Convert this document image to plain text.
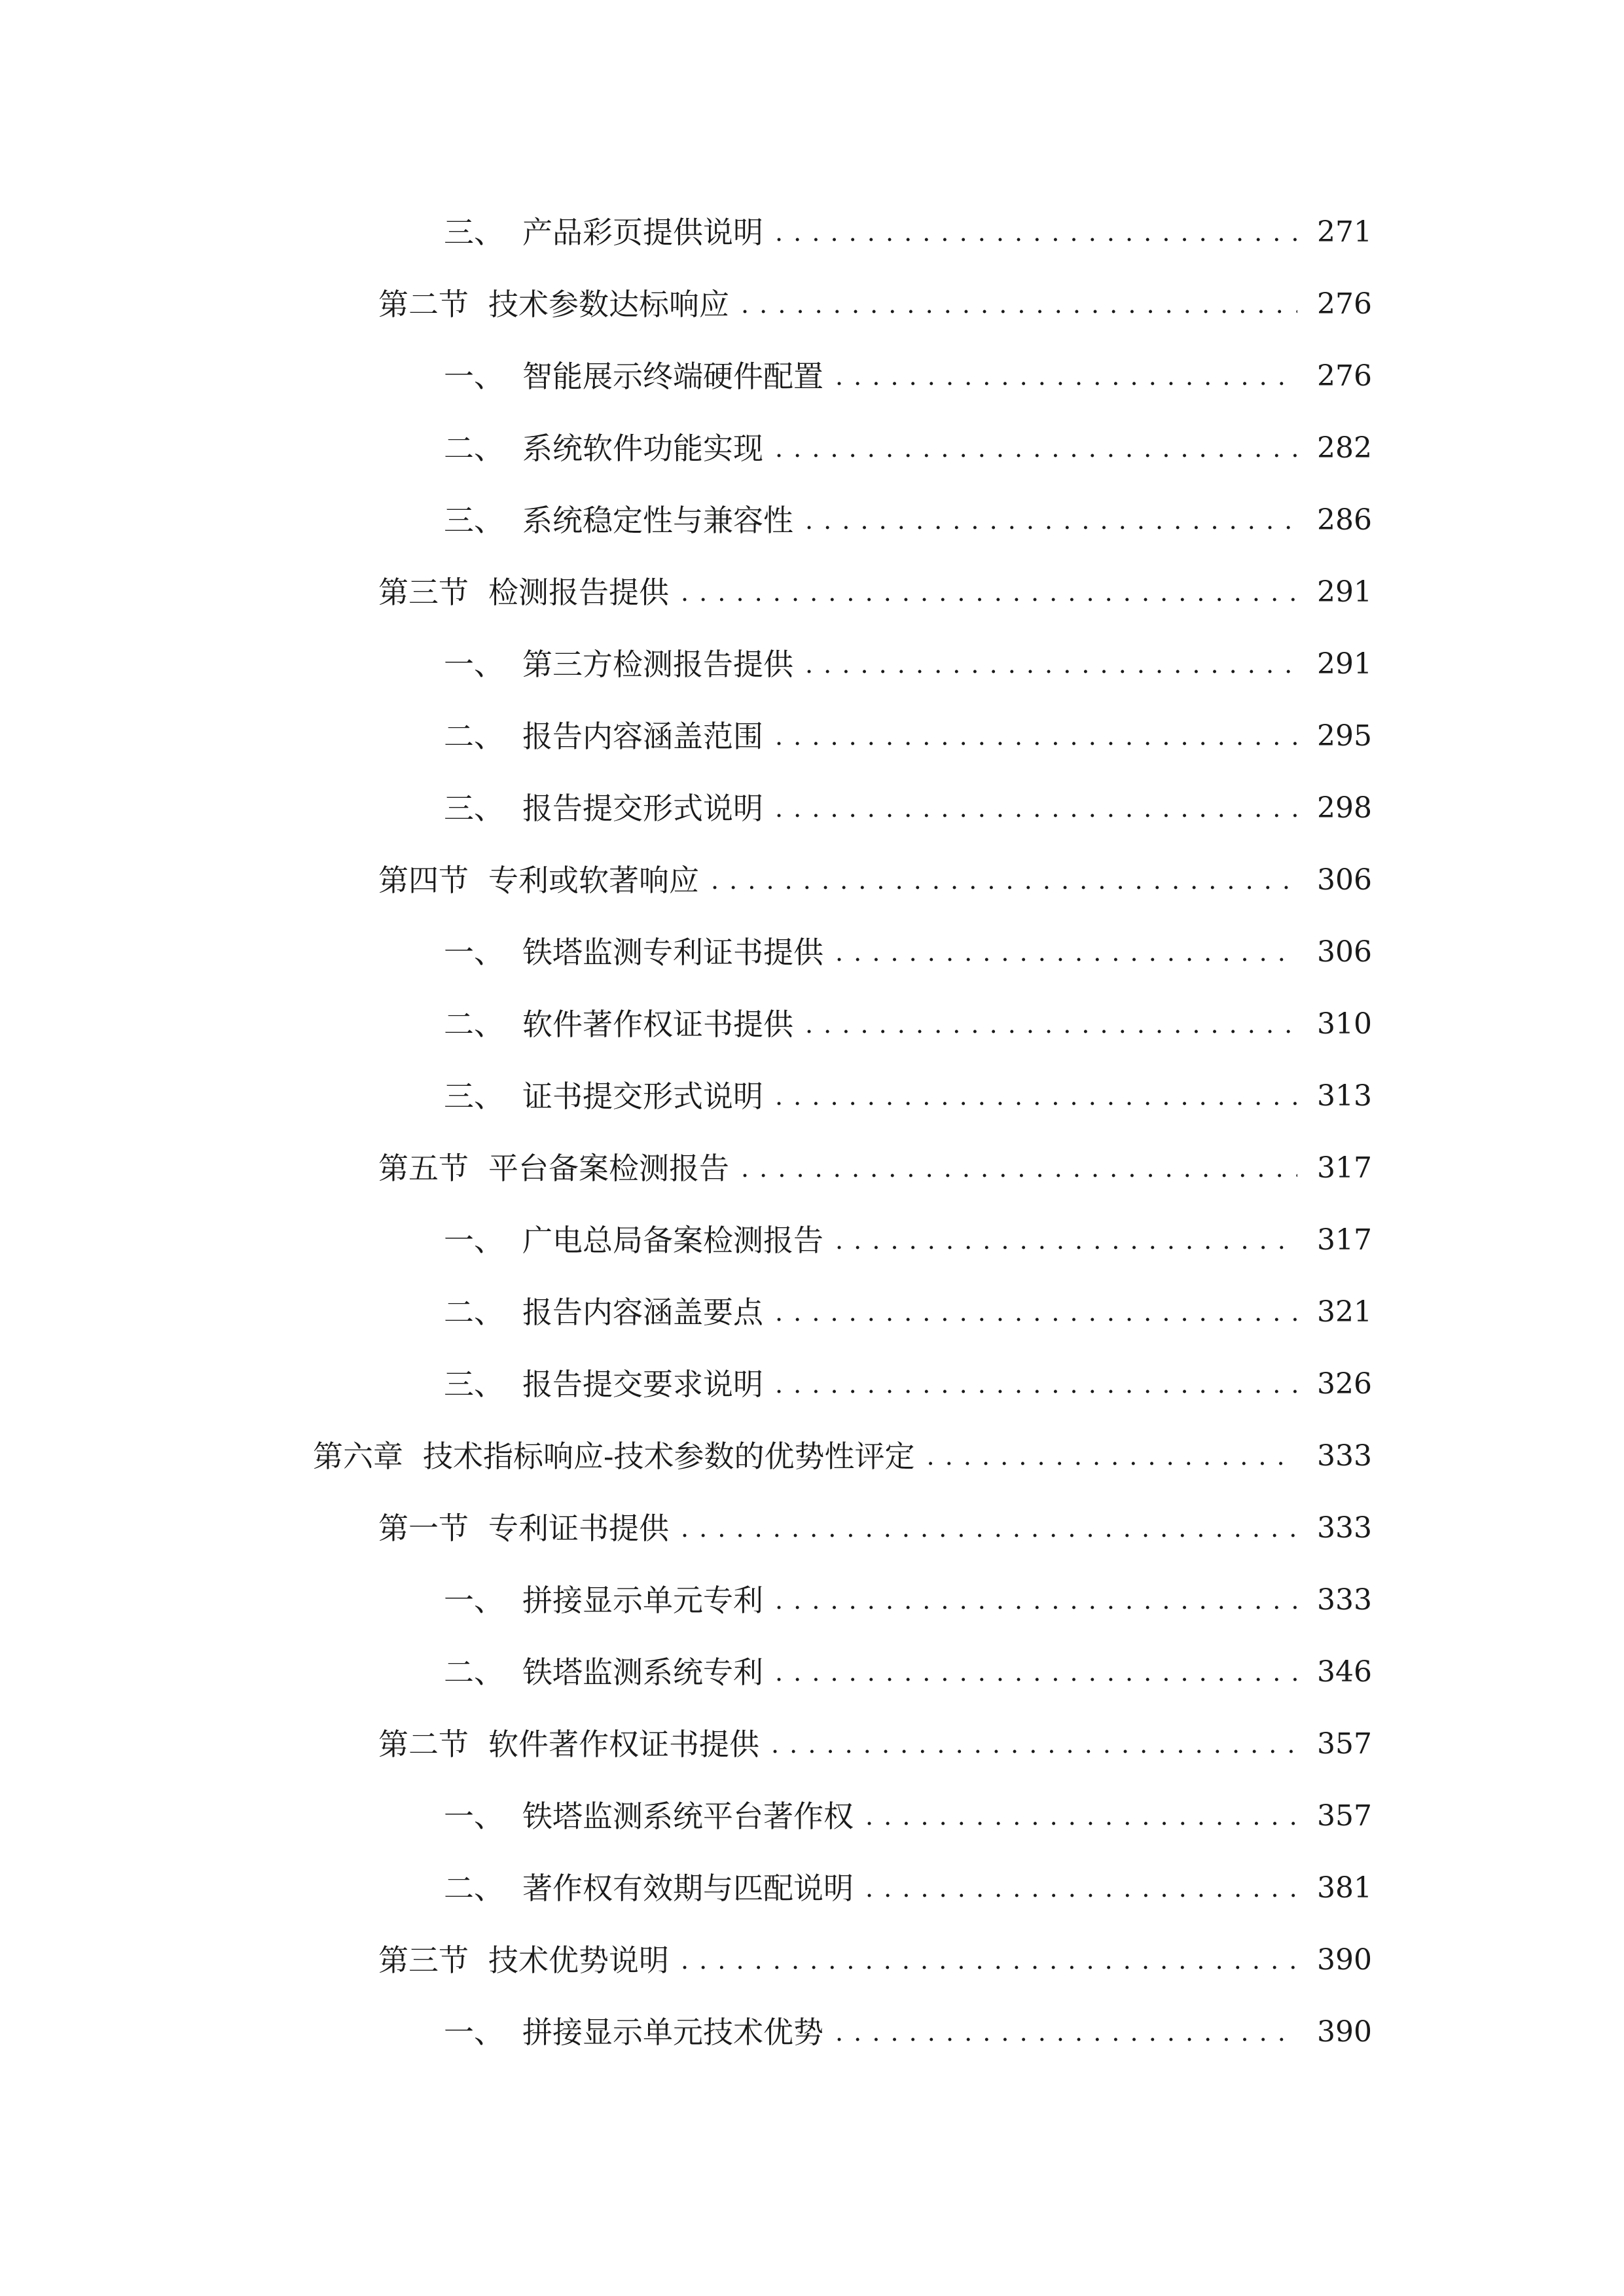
三、 产品彩页提供说明 . . .	271
第二节 技术参数达标响应 . . .	276
一、 智能展示终端硬件配置 . . .	276
二、 系统软件功能实现 . . .	282
三、 系统稳定性与兼容性 . . .	286
第三节 检测报告提供 . . .	291
一、 第三方检测报告提供 . . .	291
二、 报告内容涵盖范围 . . .	295
三、 报告提交形式说明 . . .	298
第四节 专利或软著响应 . . .	306
一、 铁塔监测专利证书提供 . . .	306
二、 软件著作权证书提供 . . .	310
三、 证书提交形式说明 . . .	313
第五节 平台备案检测报告 . . .	317
一、 广电总局备案检测报告 . . .	317
二、 报告内容涵盖要点 . . .	321
三、 报告提交要求说明 . . .	326
第六章 技术指标响应-技术参数的优势性评定 . . .	333
第一节 专利证书提供 . . .	333
一、 拼接显示单元专利 . . .	333
二、 铁塔监测系统专利 . . .	346
第二节 软件著作权证书提供 . . .	357
一、 铁塔监测系统平台著作权 . . .	357
二、 著作权有效期与匹配说明 . . .	381
第三节 技术优势说明 . . .	390
一、 拼接显示单元技术优势 . . .	390
